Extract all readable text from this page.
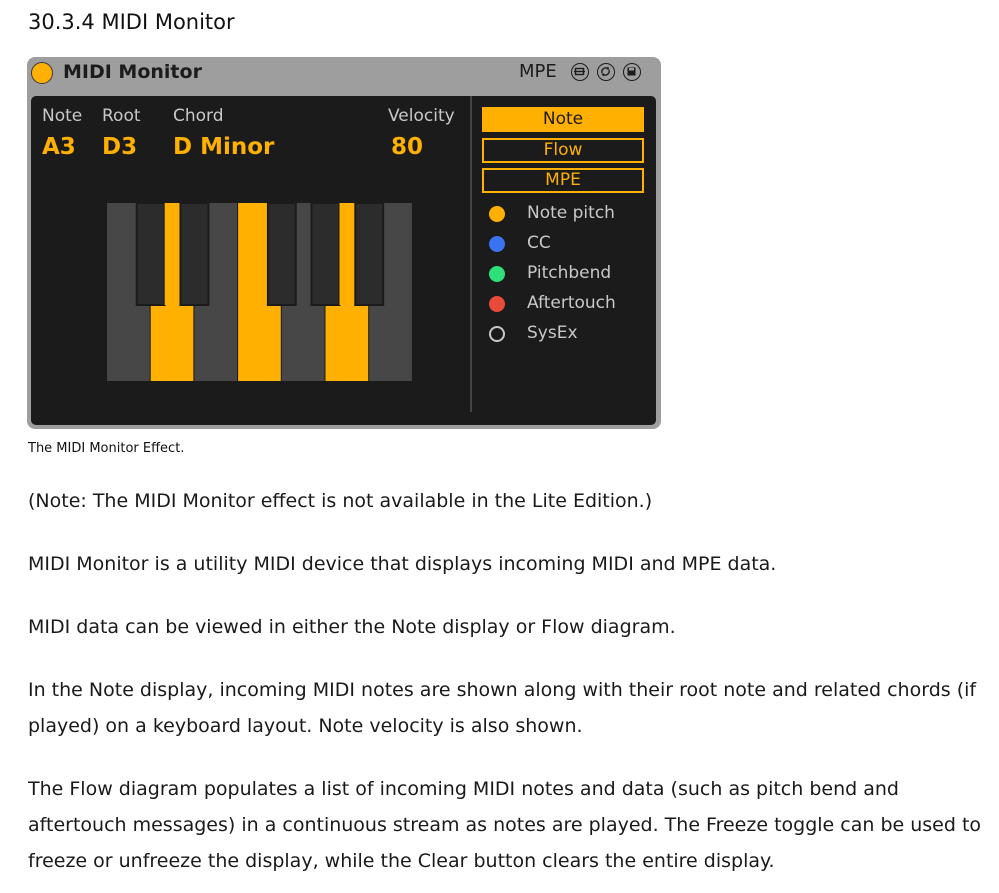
30.3.4 MIDI Monitor
MIDI Monitor	MPE
Note
A3
Root
D3
Chord
D Minor
Velocity
80
Note
Flow
MPE
Note pitch
CC
Pitchbend
Aftertouch
SysEx
The MIDI Monitor Effect.
(Note: The MIDI Monitor effect is not available in the Lite Edition.)
MIDI Monitor is a utility MIDI device that displays incoming MIDI and MPE data.
MIDI data can be viewed in either the Note display or Flow diagram.
In the Note display, incoming MIDI notes are shown along with their root note and related chords (if played) on a keyboard layout. Note velocity is also shown.
The Flow diagram populates a list of incoming MIDI notes and data (such as pitch bend and aftertouch messages) in a continuous stream as notes are played. The Freeze toggle can be used to freeze or unfreeze the display, while the Clear button clears the entire display.
